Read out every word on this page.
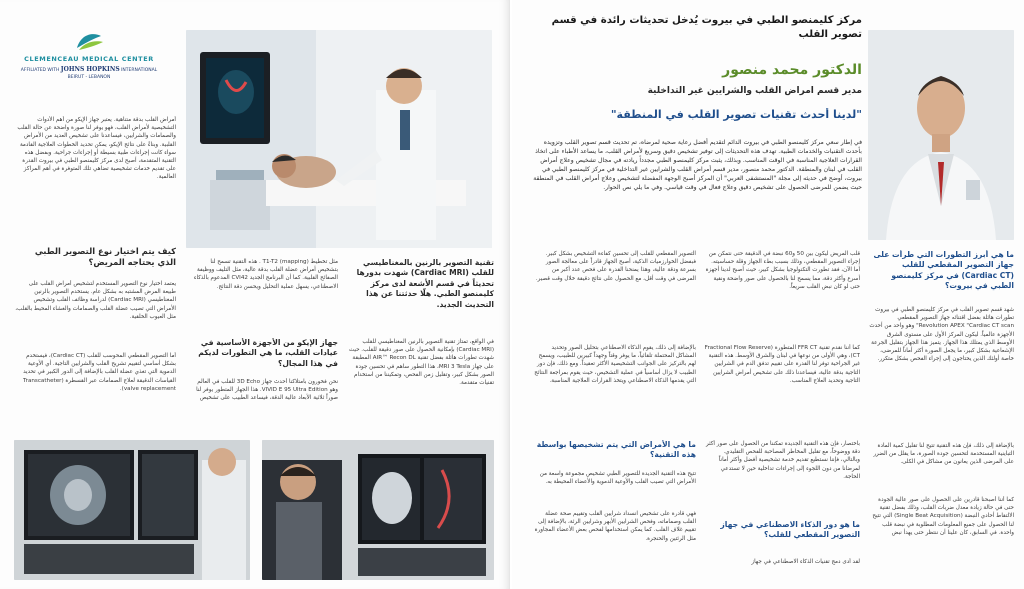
CLEMENCEAU MEDICAL CENTER
AFFILIATED WITH JOHNS HOPKINS INTERNATIONAL
BEIRUT - LEBANON
أمراض القلب بدقة متناهية. يعتبر جهاز الإيكو من أهم الأدوات التشخيصية لأمراض القلب، فهو يوفر لنا صورة واضحة عن حالة القلب والصمامات والشرايين، فيساعدنا على تشخيص العديد من الأمراض القلبية. وبناءً على نتائج الإيكو، يمكن تحديد الخطوات العلاجية القادمة سواء كانت إجراءات طبية بسيطة أو إجراءات جراحية. وبفضل هذه التقنية المتقدمة، أصبح لدى مركز كليمنصو الطبي في بيروت القدرة على تقديم خدمات تشخيصية تضاهي تلك المتوفرة في أهم المراكز العالمية.
كيف يتم اختيار نوع التصوير الطبي الذي يحتاجه المريض؟
يعتمد اختيار نوع التصوير المستخدم لتشخيص أمراض القلب على طبيعة المرض المشتبه به بشكل عام. يستخدم التصوير بالرنين المغناطيسي (Cardiac MRI) لدراسة وظائف القلب وتشخيص الأمراض التي تصيب عضلة القلب والصمامات والغشاء المحيط بالقلب، مثل العيوب الخلقية.
أما التصوير المقطعي المحوسب للقلب (Cardiac CT)، فيستخدم بشكل أساسي لتقييم تشريح القلب والشرايين التاجية. أي الأوعية الدموية التي تغذي عضلة القلب بالإضافة إلى الدور الكبير في تحديد القياسات الدقيقة لعلاج الصمامات عبر القسطرة (Transcatheter valve replacement).
تقنية التصوير بالرنين بالمغناطيسي للقلب (Cardiac MRI) شهدت بدورها تحديثاً في قسم الأشعة لدى مركز كليمنصو الطبي. هلّا حدثتنا عن هذا التحديث الجديد.
في الواقع، تمتاز تقنية التصوير بالرنين المغناطيسي للقلب (Cardiac MRI) بإمكانية الحصول على صور دقيقة للقلب. حيث شهدت تطورات هائلة بفضل تقنية AIR™ Recon DL المطبقة على جهاز MRI 3 Tesla، هذا التطور ساهم في تحسين جودة الصور بشكل كبير، وتقليل زمن الفحص، وتمكيننا من استخدام تقنيات متقدمة.
مثل تخطيط T1-T2 (mapping) . هذه التقنية تسمح لنا بتشخيص أمراض عضلة القلب بدقة عالية، مثل التليف ووظيفة الصفائح القلبية. كما أن البرنامج الجديد CVI42 المدعوم بالذكاء الاصطناعي، يسهل عملية التحليل ويحسن دقة النتائج.
جهاز الإيكو من الأجهزة الأساسية في عيادات القلب، ما هي التطورات لديكم في هذا المجال؟
نحن فخورون بامتلاكنا أحدث جهاز 3D Echo للقلب في العالم وهو VIVID E 95 Ultra Edition. هذا الجهاز المتطور يوفر لنا صوراً ثلاثية الأبعاد عالية الدقة، فيساعد الطبيب على تشخيص
مركز كليمنصو الطبي في بيروت يُدخل تحديثات رائدة في قسم تصوير القلب
الدكتور محمد منصور
مدير قسم أمراض القلب والشرايين غير التداخلية
"لدينا أحدث تقنيات تصوير القلب في المنطقة"
في إطار سعي مركز كليمنصو الطبي في بيروت الدائم لتقديم أفضل رعاية صحية لمرضاه، تم تحديث قسم تصوير القلب وتزويده بأحدث التقنيات والخدمات الطبية. تهدف هذه التحديثات إلى توفير تشخيص دقيق وسريع لأمراض القلب، ما يساعد الأطباء على اتخاذ القرارات العلاجية المناسبة في الوقت المناسب. وبذلك، يثبت مركز كليمنصو الطبي مجدداً ريادته في مجال تشخيص وعلاج أمراض القلب في لبنان والمنطقة. الدكتور محمد منصور، مدير قسم أمراض القلب والشرايين غير التداخلية في مركز كليمنصو الطبي في بيروت، أوضح في حديثه إلى مجلة "المستشفى العربي" أن المركز أصبح الوجهة المفضلة لتشخيص وعلاج أمراض القلب في المنطقة حيث يضمن للمرضى الحصول على تشخيص دقيق وعلاج فعال في وقت قياسي. وفي ما يلي نص الحوار.
ما هي أبرز التطورات التي طرأت على جهاز التصوير المقطعي للقلب (Cardiac CT) في مركز كليمنصو الطبي في بيروت؟
شهد قسم تصوير القلب في مركز كليمنصو الطبي في بيروت تطورات هائلة بفضل اقتنائه جهاز التصوير المقطعي Revolution APEX "Cardiac CT scan" وهو واحد من أحدث الأجهزة عالمياً. ليكون المركز الأول على مستوى الشرق الأوسط الذي يمتلك هذا الجهاز. يتميز هذا الجهاز بتقليل الجرعة الإشعاعية بشكل كبير، ما يجعل الصورة أكثر أماناً للمرضى، خاصة أولئك الذين يحتاجون إلى إجراء الفحص بشكل متكرر.
بالإضافة إلى ذلك، فإن هذه التقنية تتيح لنا تقليل كمية المادة التباينية المستخدمة لتحسين جودة الصورة، ما يقلل من الضرر على المرضى الذين يعانون من مشاكل في الكلى.
كما أننا أصبحنا قادرين على الحصول على صور عالية الجودة حتى في حالة زيادة معدل ضربات القلب، وذلك بفضل تقنية الالتقاط أحادي النبضة (Single Beat Acquisition) التي تتيح لنا الحصول على جميع المعلومات المطلوبة في نبضة قلب واحدة. في السابق، كان علينا أن ننتظر حتى يهدأ نبض
قلب المريض ليكون بين 50 و60 نبضة في الدقيقة حتى نتمكن من إجراء التصوير المقطعي، وذلك بسبب بطء الجهاز وقلة حساسيته. أما الآن، فقد تطورت التكنولوجيا بشكل كبير، حيث أصبح لدينا أجهزة أسرع وأكثر دقة، مما يسمح لنا بالحصول على صور واضحة ونقية حتى لو كان نبض القلب سريعاً.
كما أننا نقدم تقنية FFR CT المتطورة (Fractional Flow Reserve CT)، وهي الأولى من نوعها في لبنان والشرق الأوسط. هذه التقنية غير الجراحية توفر لنا القدرة على تقييم تدفق الدم في الشرايين التاجية بدقة عالية، فيساعدنا ذلك على تشخيص أمراض الشرايين التاجية وتحديد العلاج المناسب.
باختصار، فإن هذه التقنية الجديدة تمكننا من الحصول على صور أكثر دقة ووضوحاً، مع تقليل المخاطر المصاحبة للفحص التقليدي. وبالتالي، فإننا نستطيع تقديم خدمة تشخيصية أفضل وأكثر أماناً لمرضانا من دون اللجوء إلى إجراءات تداخلية حين لا تستدعي الحاجة.
ما هو دور الذكاء الاصطناعي في جهاز التصوير المقطعي للقلب؟
لقد أدى دمج تقنيات الذكاء الاصطناعي في جهاز
التصوير المقطعي للقلب إلى تحسين كفاءة التشخيص بشكل كبير. فبفضل الخوارزميات الذكية، أصبح الجهاز قادراً على معالجة الصور بسرعة ودقة عالية، وهذا يمنحنا القدرة على فحص عدد أكبر من المرضى في وقت أقل، مع الحصول على نتائج دقيقة خلال وقت قصير.
بالإضافة إلى ذلك، يقوم الذكاء الاصطناعي بتحليل الصور وتحديد المشاكل المحتملة تلقائياً، ما يوفر وقتاً وجهداً كبيرين للطبيب، ويسمح لهم بالتركيز على الجوانب التشخيصية الأكثر تعقيداً. ومع ذلك، فإن دور الطبيب لا يزال أساسياً في عملية التشخيص، حيث يقوم بمراجعة النتائج التي يقدمها الذكاء الاصطناعي ويتخذ القرارات العلاجية المناسبة.
ما هي الأمراض التي يتم تشخيصها بواسطة هذه التقنية؟
تتيح هذه التقنية الجديدة للتصوير الطبي تشخيص مجموعة واسعة من الأمراض التي تصيب القلب والأوعية الدموية والأعضاء المحيطة به.
فهي قادرة على تشخيص انسداد شرايين القلب وتقييم صحة عضلة القلب وصماماته، وفحص الشرايين الأبهر وشرايين الرئة، بالإضافة إلى تقييم غلاف القلب. كما يمكن استخدامها لفحص بعض الأعضاء المجاورة مثل الرئتين والحنجرة.
